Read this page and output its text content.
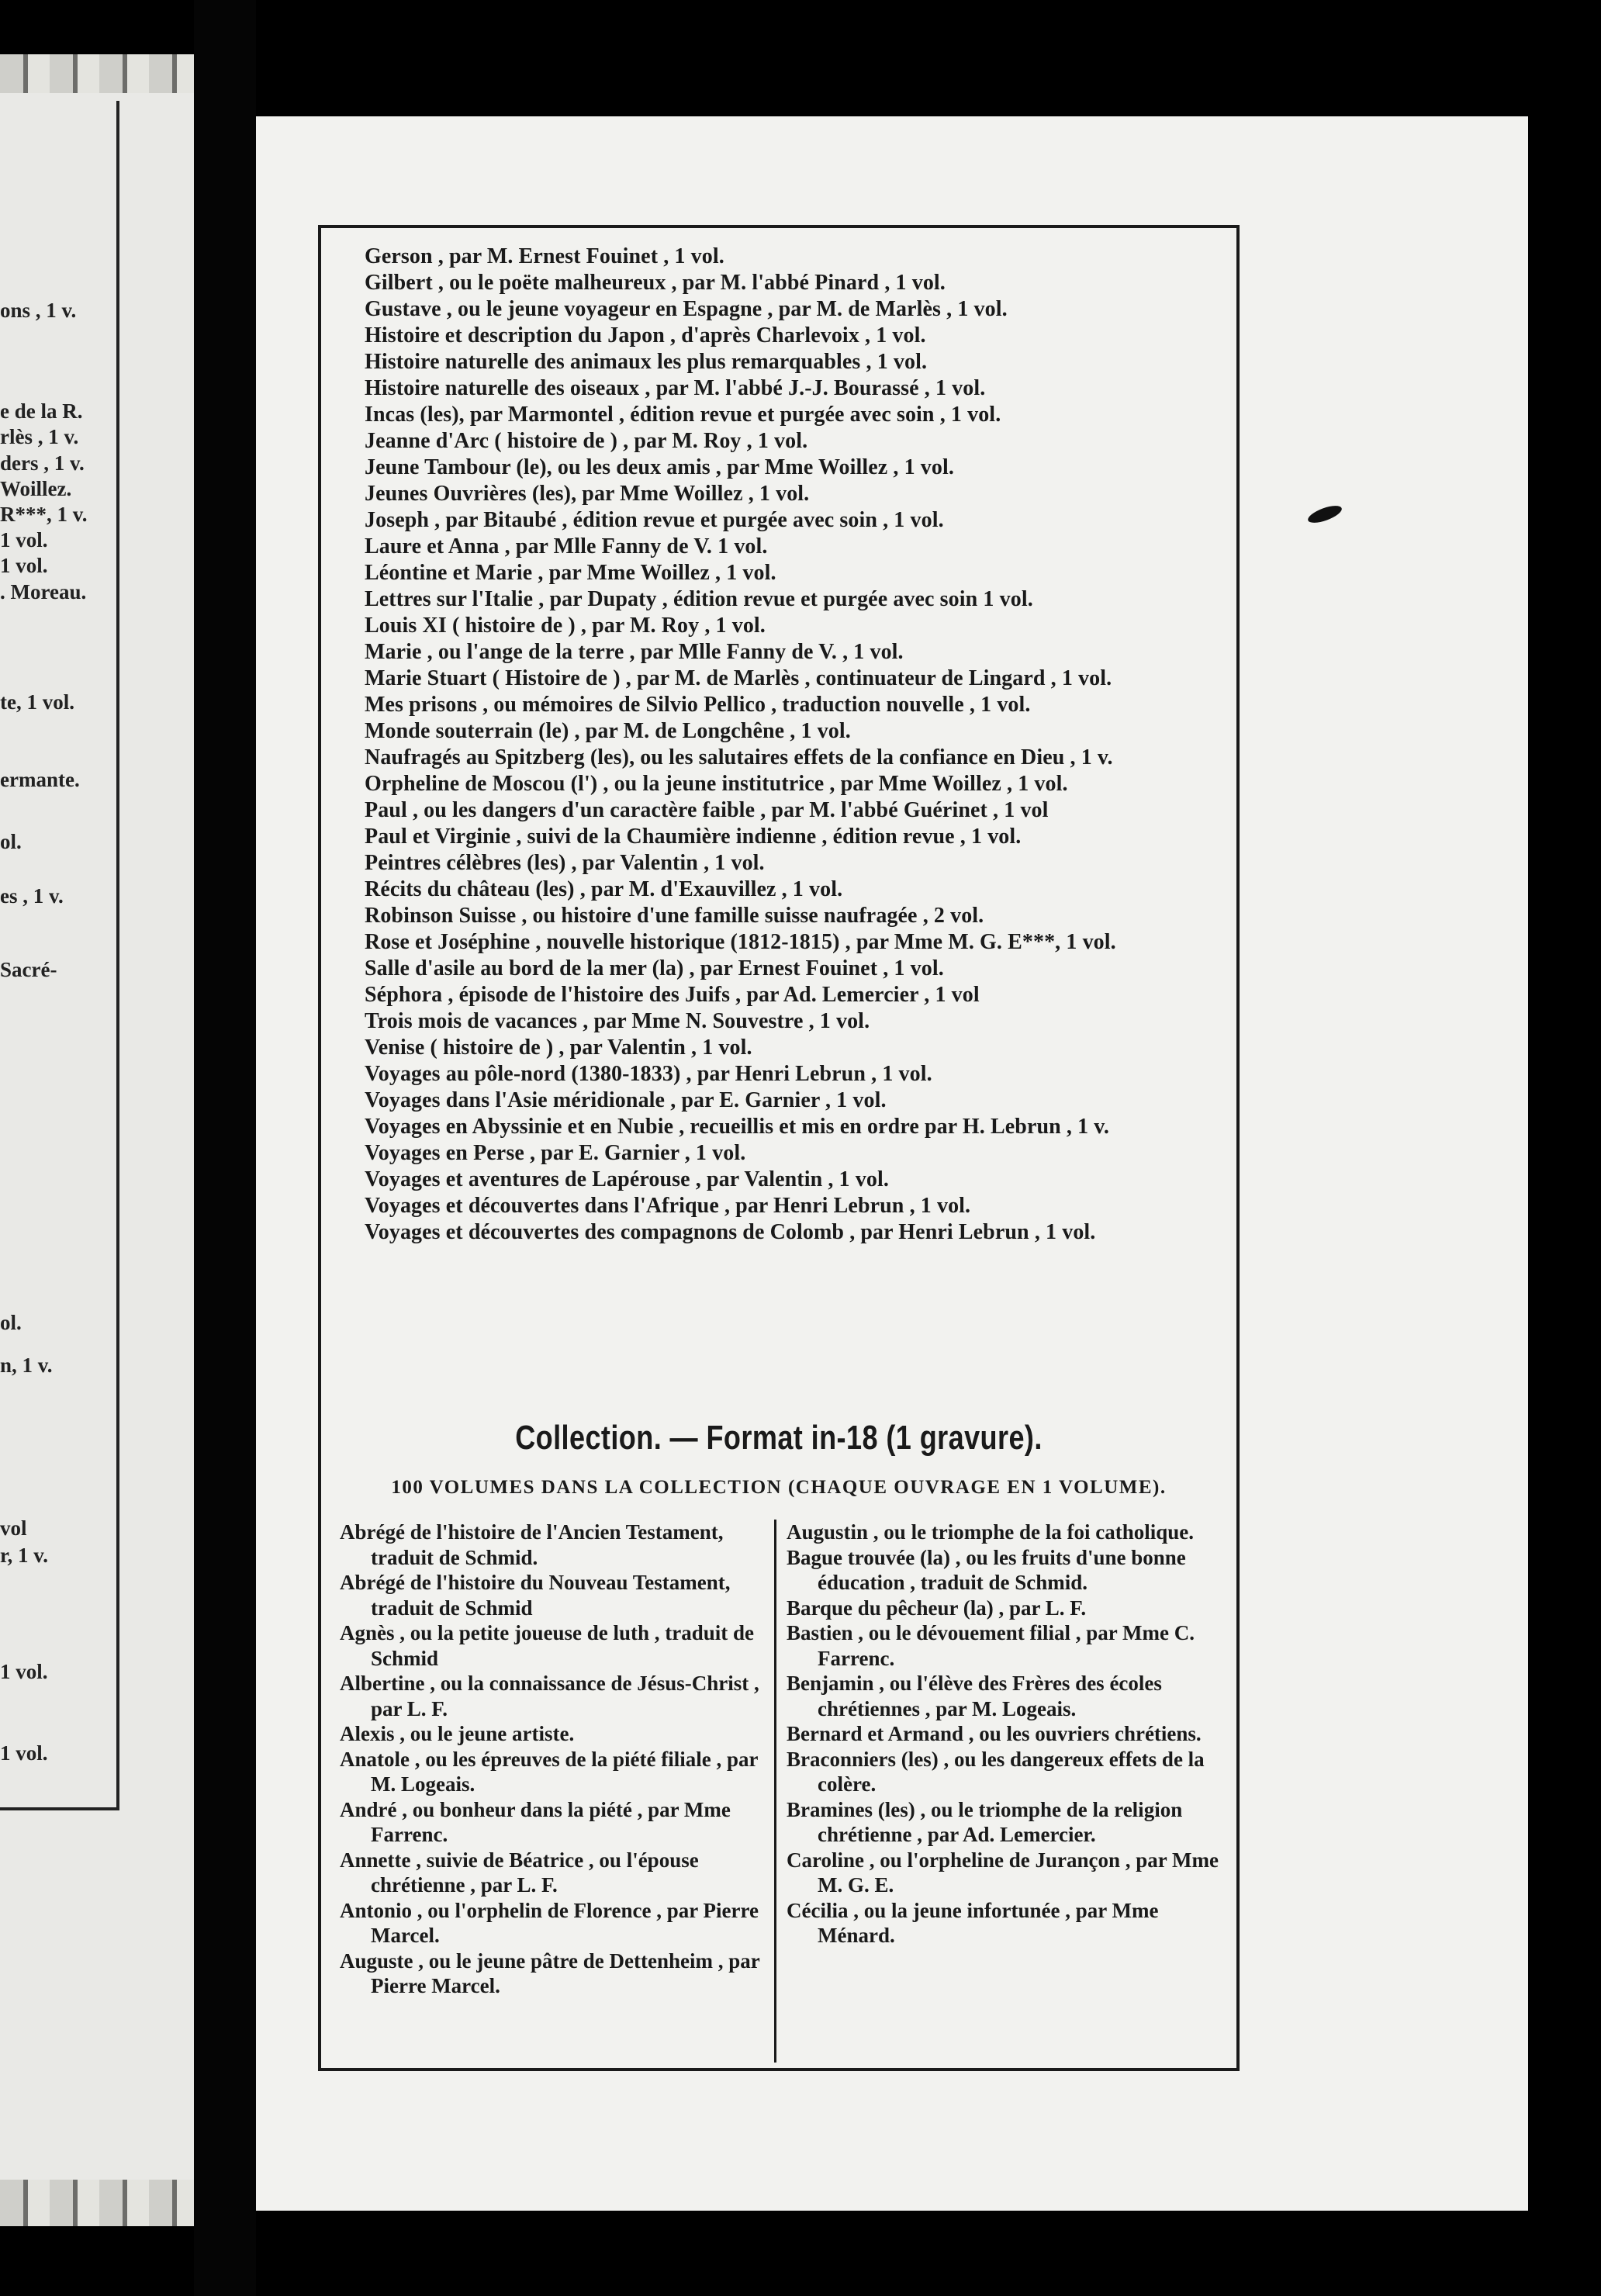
ons , 1 v.
e de la R.
rlès , 1 v.
ders , 1 v.
Woillez.
R***, 1 v.
1 vol.
1 vol.
. Moreau.
te, 1 vol.
ermante.
ol.
es , 1 v.
Sacré-
ol.
n, 1 v.
vol
r, 1 v.
1 vol.
1 vol.
Gerson , par M. Ernest Fouinet , 1 vol.
Gilbert , ou le poëte malheureux , par M. l'abbé Pinard , 1 vol.
Gustave , ou le jeune voyageur en Espagne , par M. de Marlès , 1 vol.
Histoire et description du Japon , d'après Charlevoix , 1 vol.
Histoire naturelle des animaux les plus remarquables , 1 vol.
Histoire naturelle des oiseaux , par M. l'abbé J.-J. Bourassé , 1 vol.
Incas (les), par Marmontel , édition revue et purgée avec soin , 1 vol.
Jeanne d'Arc ( histoire de ) , par M. Roy , 1 vol.
Jeune Tambour (le), ou les deux amis , par Mme Woillez , 1 vol.
Jeunes Ouvrières (les), par Mme Woillez , 1 vol.
Joseph , par Bitaubé , édition revue et purgée avec soin , 1 vol.
Laure et Anna , par Mlle Fanny de V. 1 vol.
Léontine et Marie , par Mme Woillez , 1 vol.
Lettres sur l'Italie , par Dupaty , édition revue et purgée avec soin 1 vol.
Louis XI ( histoire de ) , par M. Roy , 1 vol.
Marie , ou l'ange de la terre , par Mlle Fanny de V. , 1 vol.
Marie Stuart ( Histoire de ) , par M. de Marlès , continuateur de Lingard , 1 vol.
Mes prisons , ou mémoires de Silvio Pellico , traduction nouvelle , 1 vol.
Monde souterrain (le) , par M. de Longchêne , 1 vol.
Naufragés au Spitzberg (les), ou les salutaires effets de la confiance en Dieu , 1 v.
Orpheline de Moscou (l') , ou la jeune institutrice , par Mme Woillez , 1 vol.
Paul , ou les dangers d'un caractère faible , par M. l'abbé Guérinet , 1 vol
Paul et Virginie , suivi de la Chaumière indienne , édition revue , 1 vol.
Peintres célèbres (les) , par Valentin , 1 vol.
Récits du château (les) , par M. d'Exauvillez , 1 vol.
Robinson Suisse , ou histoire d'une famille suisse naufragée , 2 vol.
Rose et Joséphine , nouvelle historique (1812-1815) , par Mme M. G. E***, 1 vol.
Salle d'asile au bord de la mer (la) , par Ernest Fouinet , 1 vol.
Séphora , épisode de l'histoire des Juifs , par Ad. Lemercier , 1 vol
Trois mois de vacances , par Mme N. Souvestre , 1 vol.
Venise ( histoire de ) , par Valentin , 1 vol.
Voyages au pôle-nord (1380-1833) , par Henri Lebrun , 1 vol.
Voyages dans l'Asie méridionale , par E. Garnier , 1 vol.
Voyages en Abyssinie et en Nubie , recueillis et mis en ordre par H. Lebrun , 1 v.
Voyages en Perse , par E. Garnier , 1 vol.
Voyages et aventures de Lapérouse , par Valentin , 1 vol.
Voyages et découvertes dans l'Afrique , par Henri Lebrun , 1 vol.
Voyages et découvertes des compagnons de Colomb , par Henri Lebrun , 1 vol.
Collection. — Format in-18 (1 gravure).
100 VOLUMES DANS LA COLLECTION (CHAQUE OUVRAGE EN 1 VOLUME).
Abrégé de l'histoire de l'Ancien Testament, traduit de Schmid.
Abrégé de l'histoire du Nouveau Testament, traduit de Schmid
Agnès , ou la petite joueuse de luth , traduit de Schmid
Albertine , ou la connaissance de Jésus-Christ , par L. F.
Alexis , ou le jeune artiste.
Anatole , ou les épreuves de la piété filiale , par M. Logeais.
André , ou bonheur dans la piété , par Mme Farrenc.
Annette , suivie de Béatrice , ou l'épouse chrétienne , par L. F.
Antonio , ou l'orphelin de Florence , par Pierre Marcel.
Auguste , ou le jeune pâtre de Dettenheim , par Pierre Marcel.
Augustin , ou le triomphe de la foi catholique.
Bague trouvée (la) , ou les fruits d'une bonne éducation , traduit de Schmid.
Barque du pêcheur (la) , par L. F.
Bastien , ou le dévouement filial , par Mme C. Farrenc.
Benjamin , ou l'élève des Frères des écoles chrétiennes , par M. Logeais.
Bernard et Armand , ou les ouvriers chrétiens.
Braconniers (les) , ou les dangereux effets de la colère.
Bramines (les) , ou le triomphe de la religion chrétienne , par Ad. Lemercier.
Caroline , ou l'orpheline de Jurançon , par Mme M. G. E.
Cécilia , ou la jeune infortunée , par Mme Ménard.
